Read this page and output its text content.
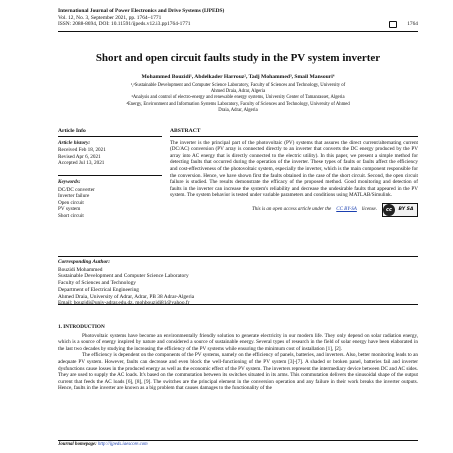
International Journal of Power Electronics and Drive Systems (IJPEDS)
Vol. 12, No. 3, September 2021, pp. 1764~1771
ISSN: 2088-8694, DOI: 10.11591/ijpeds.v12.i3.pp1764-1771	1764
Short and open circuit faults study in the PV system inverter
Mohammed Bouzidi¹, Abdelkader Harrouz², Tadj Mohammed³, Smail Mansouri⁴
¹,²Sustainable Development and Computer Science Laboratory, Faculty of Sciences and Technology, University of
Ahmed Draia, Adrar, Algeria
³Analysis and control of electro-energy and renewable energy systems, University Center of Tamanrasset, Algeria
⁴Energy, Environment and Information Systems Laboratory, Faculty of Sciences and Technology, University of Ahmed
Draia, Adrar, Algeria
Article Info
Article history:
Received Feb 18, 2021
Revised Apr 6, 2021
Accepted Jul 13, 2021
Keywords:
DC/DC converter
Inverter failure
Open circuit
PV system
Short circuit
ABSTRACT
The inverter is the principal part of the photovoltaic (PV) systems that assures the direct current/alternating current (DC/AC) conversion (PV array is connected directly to an inverter that converts the DC energy produced by the PV array into AC energy that is directly connected to the electric utility). In this paper, we present a simple method for detecting faults that occurred during the operation of the inverter. These types of faults or faults affect the efficiency and cost-effectiveness of the photovoltaic system, especially the inverter, which is the main component responsible for the conversion. Hence, we have shown first the faults obtained in the case of the short circuit. Second, the open circuit failure is studied. The results demonstrate the efficacy of the proposed method. Good monitoring and detection of faults in the inverter can increase the system's reliability and decrease the undesirable faults that appeared in the PV system. The system behavior is tested under variable parameters and conditions using MATLAB/Simulink.
This is an open access article under the CC BY-SA license.	cc	BY SA
Corresponding Author:
Bouzidi Mohammed
Sustainable Development and Computer Science Laboratory
Faculty of Sciences and Technology
Department of Electrical Engineering
Ahmed Draia, University of Adrar, Adrar, PB 38 Adrar-Algeria
Email: bouzidi@univ-adrar.edu.dz, mohbouzidi81@yahoo.fr
1. INTRODUCTION

Photovoltaic systems have become an environmentally friendly solution to generate electricity in our modern life. They only depend on solar radiation energy, which is a source of energy inspired by nature and considered a source of sustainable energy. Several types of research in the field of solar energy have been elaborated in the last two decades by studying the increasing the efficiency of the PV systems while ensuring the minimum cost of installation [1], [2].

The efficiency is dependent on the components of the PV systems, namely on the efficiency of panels, batteries, and inverters. Also, better monitoring leads to an adequate PV system. However, faults can decrease and even block the well-functioning of the PV system [3]-[7]. A shaded or broken panel, batteries fail and inverter dysfunctions cause losses in the produced energy as well as the economic effect of the PV system. The inverters represent the intermediary device between DC and AC sides. They are used to supply the AC loads. It's based on the commutation between its switches situated in its arms. This commutation delivers the sinusoidal shape of the output current that feeds the AC loads [6], [8], [9]. The switches are the principal element in the conversion operation and any failure in their work breaks the inverter outputs. Hence, faults in the inverter are known as a big problem that causes damages to the functionality of the

Journal homepage: http://ijpeds.iaescore.com
